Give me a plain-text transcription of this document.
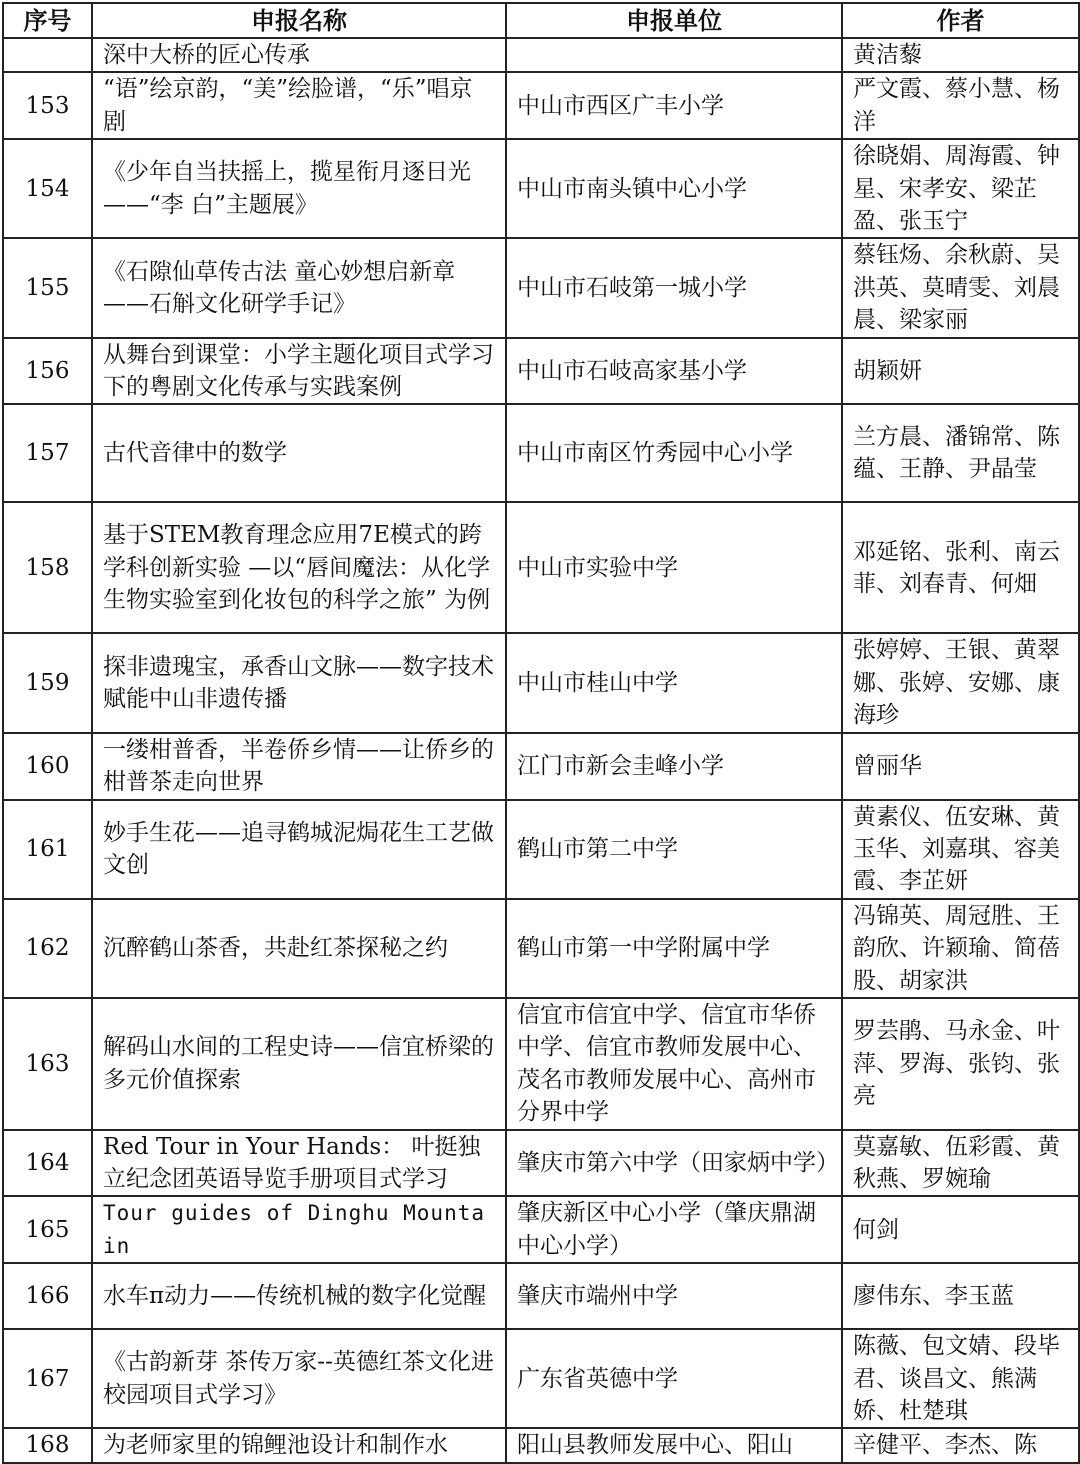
序号	申报名称	申报单位	作者
	深中大桥的匠心传承		黄洁藜
153	“语”绘京韵，“美”绘脸谱，“乐”唱京剧	中山市西区广丰小学	严文霞、蔡小慧、杨洋
154	《少年自当扶摇上，揽星衔月逐日光——“李 白”主题展》	中山市南头镇中心小学	徐晓娟、周海霞、钟星、宋孝安、梁芷盈、张玉宁
155	《石隙仙草传古法 童心妙想启新章——石斛文化研学手记》	中山市石岐第一城小学	蔡钰炀、余秋蔚、吴洪英、莫晴雯、刘晨晨、梁家丽
156	从舞台到课堂：小学主题化项目式学习下的粤剧文化传承与实践案例	中山市石岐高家基小学	胡颖妍
157	古代音律中的数学	中山市南区竹秀园中心小学	兰方晨、潘锦常、陈蕴、王静、尹晶莹
158	基于STEM教育理念应用7E模式的跨学科创新实验 —以“唇间魔法：从化学生物实验室到化妆包的科学之旅” 为例	中山市实验中学	邓延铭、张利、南云菲、刘春青、何畑
159	探非遗瑰宝，承香山文脉——数字技术赋能中山非遗传播	中山市桂山中学	张婷婷、王银、黄翠娜、张婷、安娜、康海珍
160	一缕柑普香，半卷侨乡情——让侨乡的柑普茶走向世界	江门市新会圭峰小学	曾丽华
161	妙手生花——追寻鹤城泥焗花生工艺做文创	鹤山市第二中学	黄素仪、伍安琳、黄玉华、刘嘉琪、容美霞、李芷妍
162	沉醉鹤山茶香，共赴红茶探秘之约	鹤山市第一中学附属中学	冯锦英、周冠胜、王韵欣、许颖瑜、简蓓股、胡家洪
163	解码山水间的工程史诗——信宜桥梁的多元价值探索	信宜市信宜中学、信宜市华侨中学、信宜市教师发展中心、茂名市教师发展中心、高州市分界中学	罗芸鹃、马永金、叶萍、罗海、张钧、张亮
164	Red Tour in Your Hands： 叶挺独立纪念团英语导览手册项目式学习	肇庆市第六中学（田家炳中学）	莫嘉敏、伍彩霞、黄秋燕、罗婉瑜
165	Tour guides of Dinghu Mountain	肇庆新区中心小学（肇庆鼎湖中心小学）	何剑
166	水车π动力——传统机械的数字化觉醒	肇庆市端州中学	廖伟东、李玉蓝
167	《古韵新芽 茶传万家--英德红茶文化进校园项目式学习》	广东省英德中学	陈薇、包文婧、段毕君、谈昌文、熊满娇、杜楚琪
168	为老师家里的锦鲤池设计和制作水	阳山县教师发展中心、阳山	辛健平、李杰、陈
